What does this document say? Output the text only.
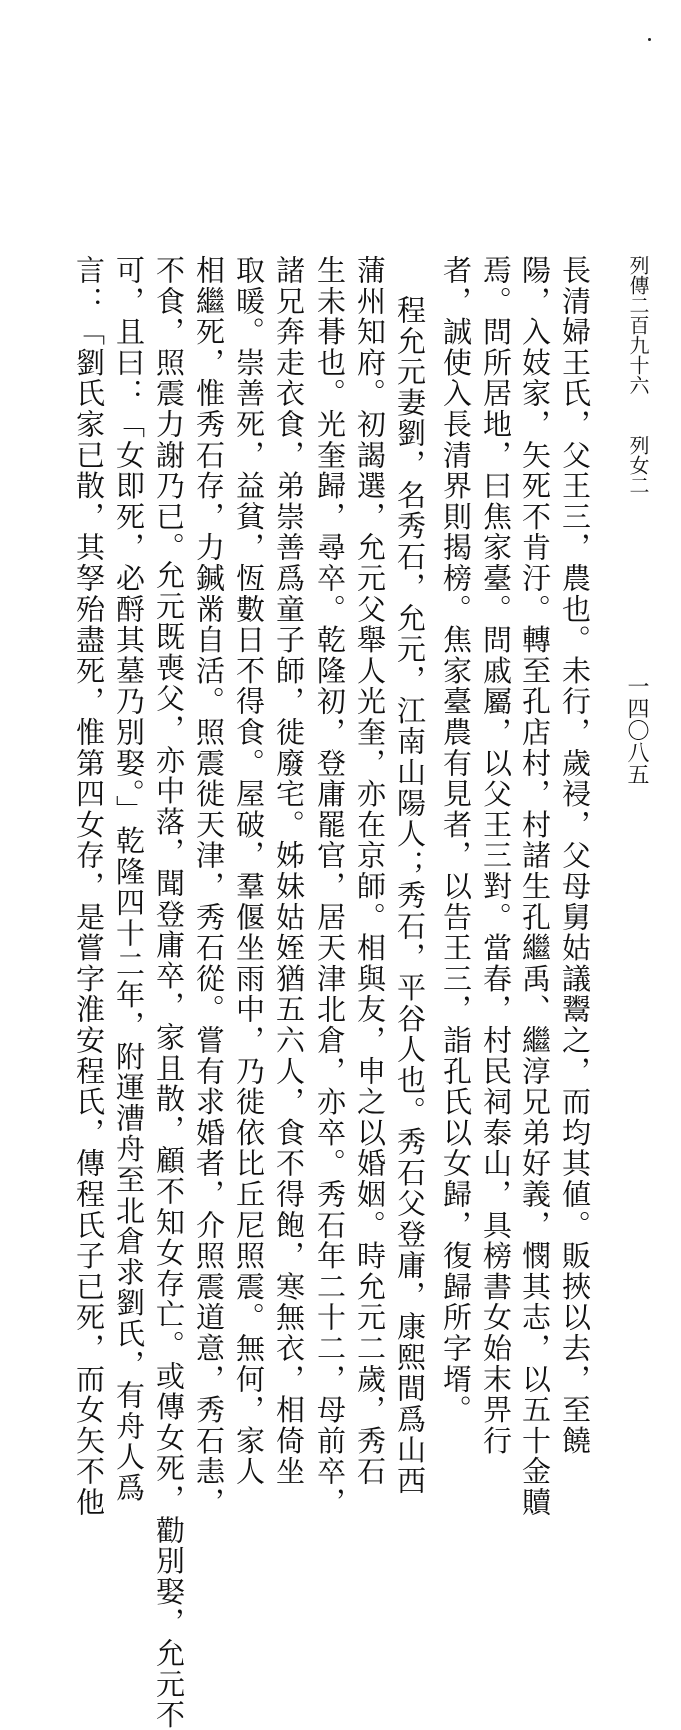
長清婦王氏，父王三，農也。未行，歲祲，父母舅姑議鬻之，而均其値。販挾以去，至饒
陽，入妓家，矢死不肯汙。轉至孔店村，村諸生孔繼禹、繼淳兄弟好義，憫其志，以五十金贖
焉。問所居地，曰焦家臺。問戚屬，以父王三對。當春，村民祠泰山，具榜書女始末畀行
者，誠使入長清界則揭榜。焦家臺農有見者，以告王三，詣孔氏以女歸，復歸所字壻。
程允元妻劉，名秀石，允元，江南山陽人；秀石，平谷人也。秀石父登庸，康熙間爲山西
蒲州知府。初謁選，允元父舉人光奎，亦在京師。相與友，申之以婚姻。時允元二歲，秀石
生未朞也。光奎歸，尋卒。乾隆初，登庸罷官，居天津北倉，亦卒。秀石年二十二，母前卒，
諸兄奔走衣食，弟崇善爲童子師，徙廢宅。姊妹姑姪猶五六人，食不得飽，寒無衣，相倚坐
取暖。崇善死，益貧，恆數日不得食。屋破，羣偃坐雨中，乃徙依比丘尼照震。無何，家人
相繼死，惟秀石存，力鍼黹自活。照震徙天津，秀石從。嘗有求婚者，介照震道意，秀石恚，
不食，照震力謝乃已。
允元既喪父，亦中落，聞登庸卒，家且散，顧不知女存亡。或傳女死，勸別娶，允元不
可，且曰：「女即死，必酹其墓乃別娶。」乾隆四十二年，附運漕舟至北倉求劉氏，有舟人爲
言：「劉氏家已散，其孥殆盡死，惟第四女存，是嘗字淮安程氏，傳程氏子已死，而女矢不他	列傳二百九十六　　列女二
一四〇八五
